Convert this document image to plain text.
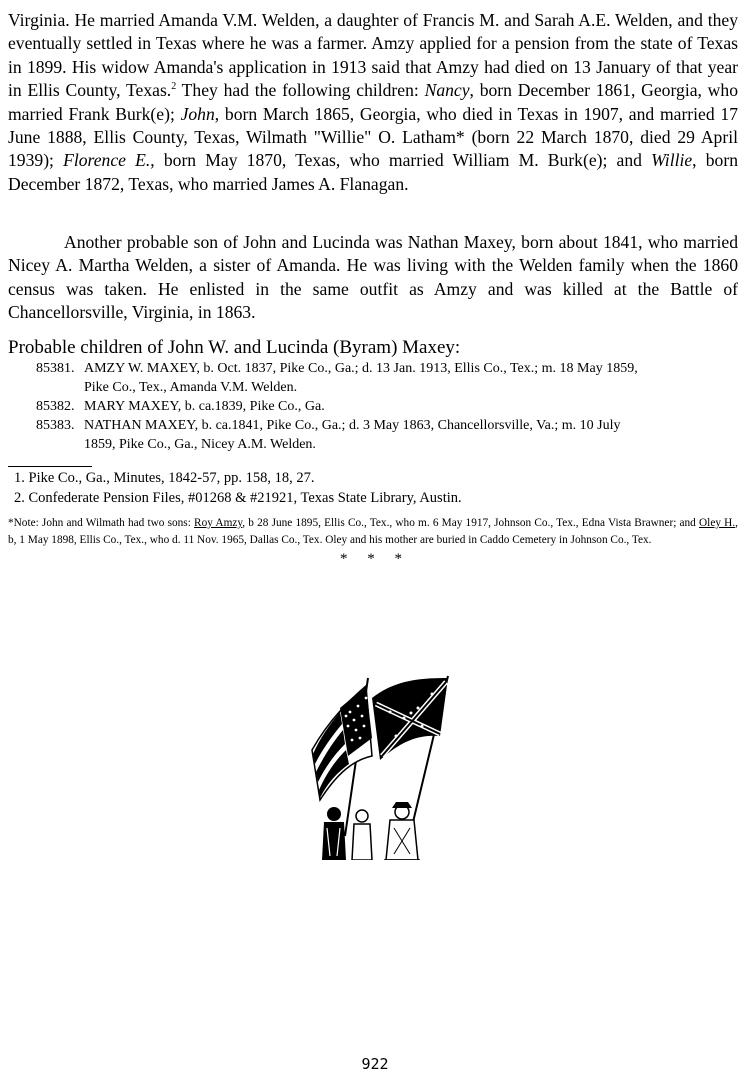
Virginia. He married Amanda V.M. Welden, a daughter of Francis M. and Sarah A.E. Welden, and they eventually settled in Texas where he was a farmer. Amzy applied for a pension from the state of Texas in 1899. His widow Amanda's application in 1913 said that Amzy had died on 13 January of that year in Ellis County, Texas.$^2$ They had the following children: Nancy, born December 1861, Georgia, who married Frank Burk(e); John, born March 1865, Georgia, who died in Texas in 1907, and married 17 June 1888, Ellis County, Texas, Wilmath "Willie" O. Latham* (born 22 March 1870, died 29 April 1939); Florence E., born May 1870, Texas, who married William M. Burk(e); and Willie, born December 1872, Texas, who married James A. Flanagan.

Another probable son of John and Lucinda was Nathan Maxey, born about 1841, who married Nicey A. Martha Welden, a sister of Amanda. He was living with the Welden family when the 1860 census was taken. He enlisted in the same outfit as Amzy and was killed at the Battle of Chancellorsville, Virginia, in 1863.

Probable children of John W. and Lucinda (Byram) Maxey:

85381. AMZY W. MAXEY, b. Oct. 1837, Pike Co., Ga.; d. 13 Jan. 1913, Ellis Co., Tex.; m. 18 May 1859,
Pike Co., Tex., Amanda V.M. Welden.

85382. MARY MAXEY, b. ca.1839, Pike Co., Ga.

85383. NATHAN MAXEY, b. ca.1841, Pike Co., Ga.; d. 3 May 1863, Chancellorsville, Va.; m. 10 July
1859, Pike Co., Ga., Nicey A.M. Welden.

1. Pike Co., Ga., Minutes, 1842-57, pp. 158, 18, 27.

2. Confederate Pension Files, #01268 & #21921, Texas State Library, Austin.

*Note: John and Wilmath had two sons: Roy Amzy, b 28 June 1895, Ellis Co., Tex., who m. 6 May 1917, Johnson Co., Tex., Edna Vista Brawner; and Oley H., b, 1 May 1898, Ellis Co., Tex., who d. 11 Nov. 1965, Dallas Co., Tex. Oley and his mother are buried in Caddo Cemetery in Johnson Co., Tex.

* * *
922
